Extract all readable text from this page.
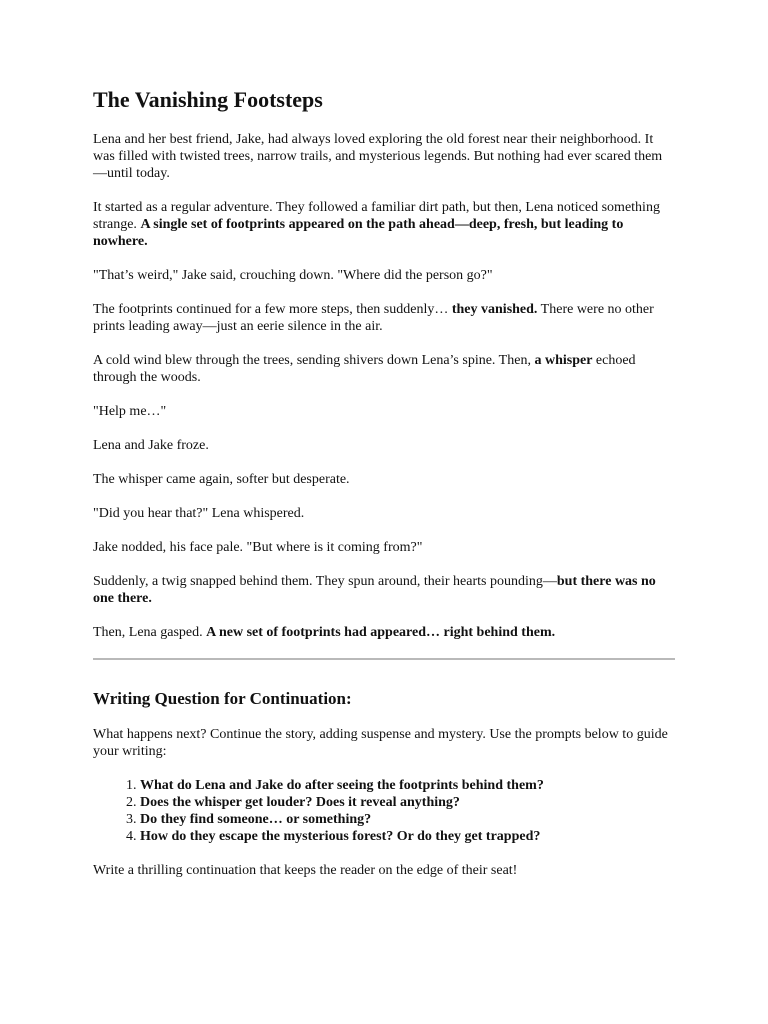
The Vanishing Footsteps

Lena and her best friend, Jake, had always loved exploring the old forest near their neighborhood. It was filled with twisted trees, narrow trails, and mysterious legends. But nothing had ever scared them—until today.

It started as a regular adventure. They followed a familiar dirt path, but then, Lena noticed something strange. A single set of footprints appeared on the path ahead—deep, fresh, but leading to nowhere.

"That’s weird," Jake said, crouching down. "Where did the person go?"

The footprints continued for a few more steps, then suddenly… they vanished. There were no other prints leading away—just an eerie silence in the air.

A cold wind blew through the trees, sending shivers down Lena’s spine. Then, a whisper echoed through the woods.

"Help me…"

Lena and Jake froze.

The whisper came again, softer but desperate.

"Did you hear that?" Lena whispered.

Jake nodded, his face pale. "But where is it coming from?"

Suddenly, a twig snapped behind them. They spun around, their hearts pounding—but there was no one there.

Then, Lena gasped. A new set of footprints had appeared… right behind them.

Writing Question for Continuation:

What happens next? Continue the story, adding suspense and mystery. Use the prompts below to guide your writing:

1. What do Lena and Jake do after seeing the footprints behind them?
2. Does the whisper get louder? Does it reveal anything?
3. Do they find someone… or something?
4. How do they escape the mysterious forest? Or do they get trapped?

Write a thrilling continuation that keeps the reader on the edge of their seat!
